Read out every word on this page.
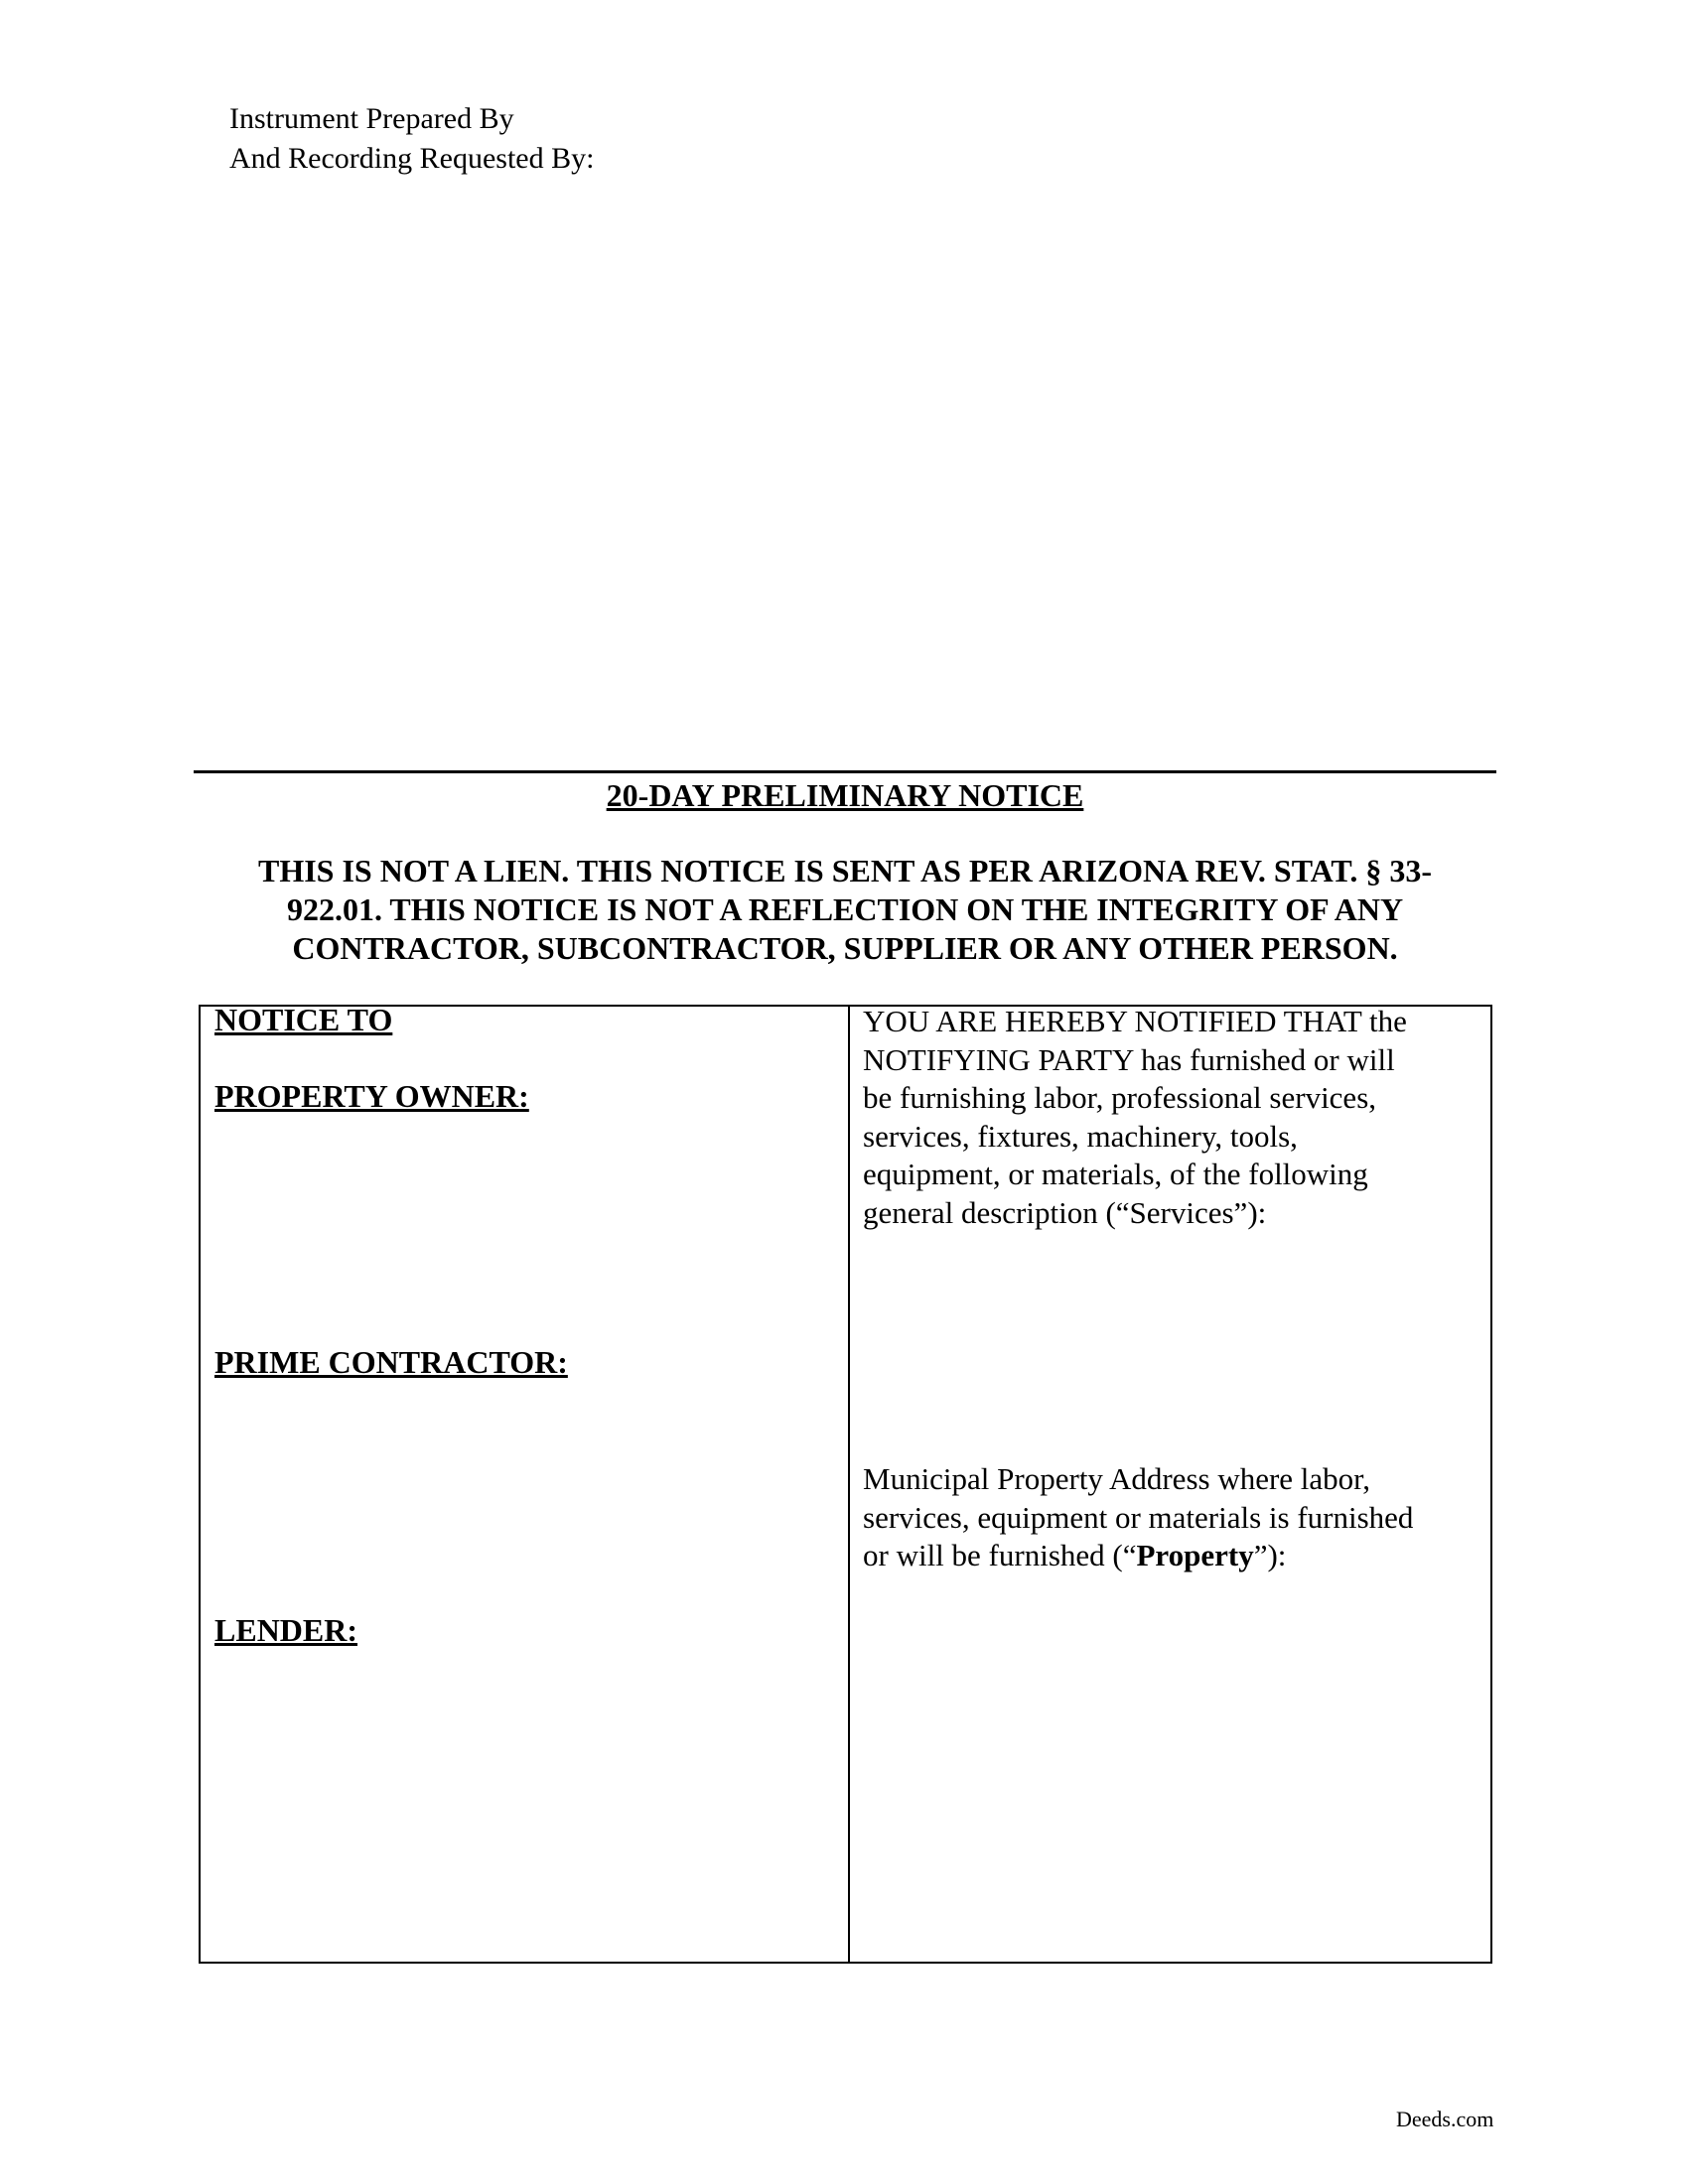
Instrument Prepared By
And Recording Requested By:
20-DAY PRELIMINARY NOTICE
THIS IS NOT A LIEN. THIS NOTICE IS SENT AS PER ARIZONA REV. STAT. § 33-
922.01. THIS NOTICE IS NOT A REFLECTION ON THE INTEGRITY OF ANY
CONTRACTOR, SUBCONTRACTOR, SUPPLIER OR ANY OTHER PERSON.
NOTICE TO
PROPERTY OWNER:
PRIME CONTRACTOR:
LENDER:
YOU ARE HEREBY NOTIFIED THAT the
NOTIFYING PARTY has furnished or will
be furnishing labor, professional services,
services, fixtures, machinery, tools,
equipment, or materials, of the following
general description (“Services”):
Municipal Property Address where labor,
services, equipment or materials is furnished
or will be furnished (“Property”):
Deeds.com
